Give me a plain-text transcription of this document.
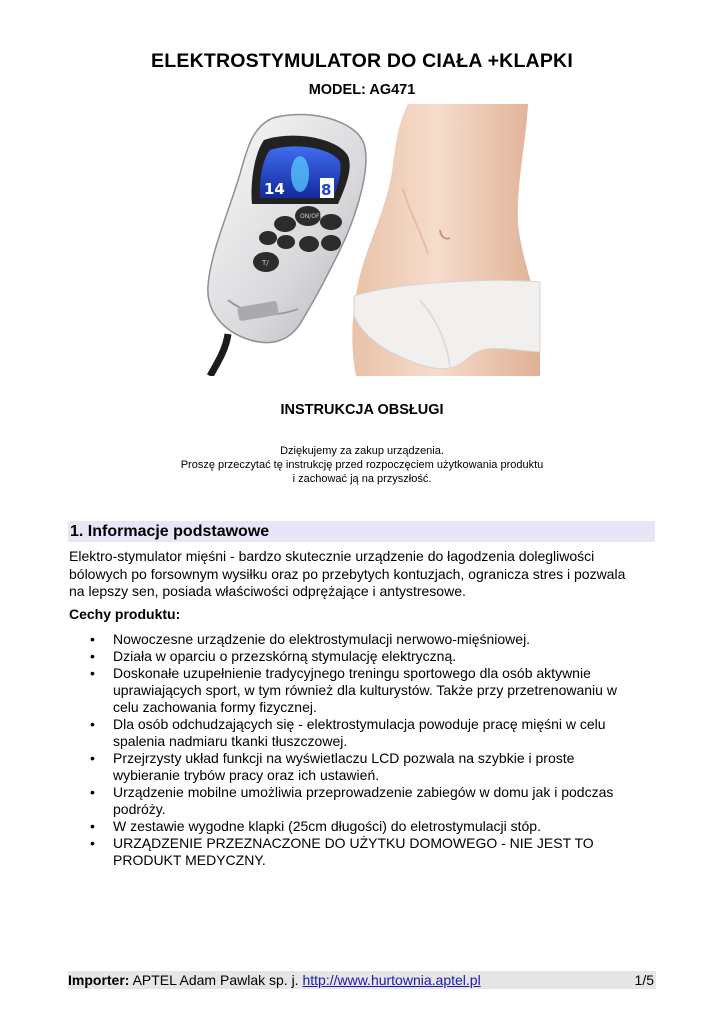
ELEKTROSTYMULATOR DO CIAŁA +KLAPKI
MODEL: AG471
14 8
ON/OFF
T/
INSTRUKCJA OBSŁUGI
Dziękujemy za zakup urządzenia.
Proszę przeczytać tę instrukcję przed rozpoczęciem użytkowania produktu
i zachować ją na przyszłość.
1. Informacje podstawowe
Elektro-stymulator mięśni - bardzo skutecznie urządzenie do łagodzenia dolegliwości
bólowych po forsownym wysiłku oraz po przebytych kontuzjach, ogranicza stres i pozwala
na lepszy sen, posiada właściwości odprężające i antystresowe.
Cechy produktu:
• Nowoczesne urządzenie do elektrostymulacji nerwowo-mięśniowej.
• Działa w oparciu o przezskórną stymulację elektryczną.
• Doskonałe uzupełnienie tradycyjnego treningu sportowego dla osób aktywnie
uprawiających sport, w tym również dla kulturystów. Także przy przetrenowaniu w
celu zachowania formy fizycznej.
• Dla osób odchudzających się - elektrostymulacja powoduje pracę mięśni w celu
spalenia nadmiaru tkanki tłuszczowej.
• Przejrzysty układ funkcji na wyświetlaczu LCD pozwala na szybkie i proste
wybieranie trybów pracy oraz ich ustawień.
• Urządzenie mobilne umożliwia przeprowadzenie zabiegów w domu jak i podczas
podróży.
• W zestawie wygodne klapki (25cm długości) do eletrostymulacji stóp.
• URZĄDZENIE PRZEZNACZONE DO UŻYTKU DOMOWEGO - NIE JEST TO
PRODUKT MEDYCZNY.
Importer: APTEL Adam Pawlak sp. j. http://www.hurtownia.aptel.pl	1/5
